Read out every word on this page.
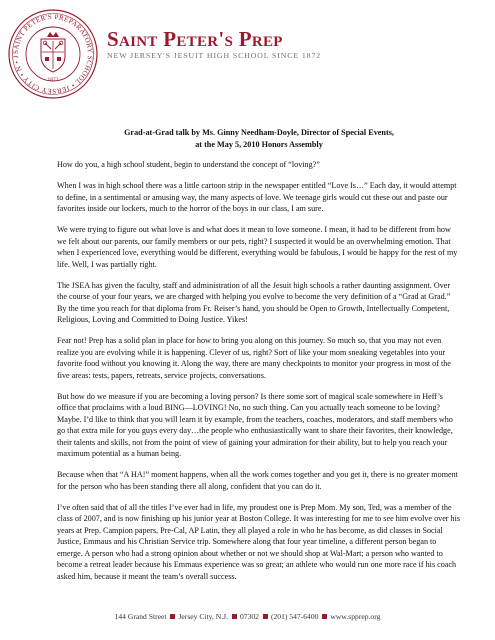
SAINT PETER'S PREPARATORY SCHOOL • JERSEY CITY • N • J
1872
Saint Peter's Prep
NEW JERSEY'S JESUIT HIGH SCHOOL SINCE 1872
Grad-at-Grad talk by Ms. Ginny Needham-Doyle, Director of Special Events,
at the May 5, 2010 Honors Assembly

How do you, a high school student, begin to understand the concept of “loving?”

When I was in high school there was a little cartoon strip in the newspaper entitled “Love Is…” Each day, it would attempt to define, in a sentimental or amusing way, the many aspects of love. We teenage girls would cut these out and paste our favorites inside our lockers, much to the horror of the boys in our class, I am sure.

We were trying to figure out what love is and what does it mean to love someone. I mean, it had to be different from how we felt about our parents, our family members or our pets, right? I suspected it would be an overwhelming emotion. That when I experienced love, everything would be different, everything would be fabulous, I would be happy for the rest of my life. Well, I was partially right.

The JSEA has given the faculty, staff and administration of all the Jesuit high schools a rather daunting assignment. Over the course of your four years, we are charged with helping you evolve to become the very definition of a “Grad at Grad.” By the time you reach for that diploma from Fr. Reiser’s hand, you should be Open to Growth, Intellectually Competent, Religious, Loving and Committed to Doing Justice. Yikes!

Fear not! Prep has a solid plan in place for how to bring you along on this journey. So much so, that you may not even realize you are evolving while it is happening. Clever of us, right? Sort of like your mom sneaking vegetables into your favorite food without you knowing it. Along the way, there are many checkpoints to monitor your progress in most of the five areas: tests, papers, retreats, service projects, conversations.

But how do we measure if you are becoming a loving person? Is there some sort of magical scale somewhere in Heff’s office that proclaims with a loud BING—LOVING! No, no such thing. Can you actually teach someone to be loving? Maybe. I’d like to think that you will learn it by example, from the teachers, coaches, moderators, and staff members who go that extra mile for you guys every day…the people who enthusiastically want to share their favorites, their knowledge, their talents and skills, not from the point of view of gaining your admiration for their ability, but to help you reach your maximum potential as a human being.

Because when that “A HA!” moment happens, when all the work comes together and you get it, there is no greater moment for the person who has been standing there all along, confident that you can do it.

I’ve often said that of all the titles I’ve ever had in life, my proudest one is Prep Mom. My son, Ted, was a member of the class of 2007, and is now finishing up his junior year at Boston College. It was interesting for me to see him evolve over his years at Prep. Campion papers, Pre-Cal, AP Latin, they all played a role in who he has become, as did classes in Social Justice, Emmaus and his Christian Service trip. Somewhere along that four year timeline, a different person began to emerge. A person who had a strong opinion about whether or not we should shop at Wal-Mart; a person who wanted to become a retreat leader because his Emmaus experience was so great; an athlete who would run one more race if his coach asked him, because it meant the team’s overall success.

144 Grand Street Jersey City, N.J. 07302 (201) 547-6400 www.spprep.org
